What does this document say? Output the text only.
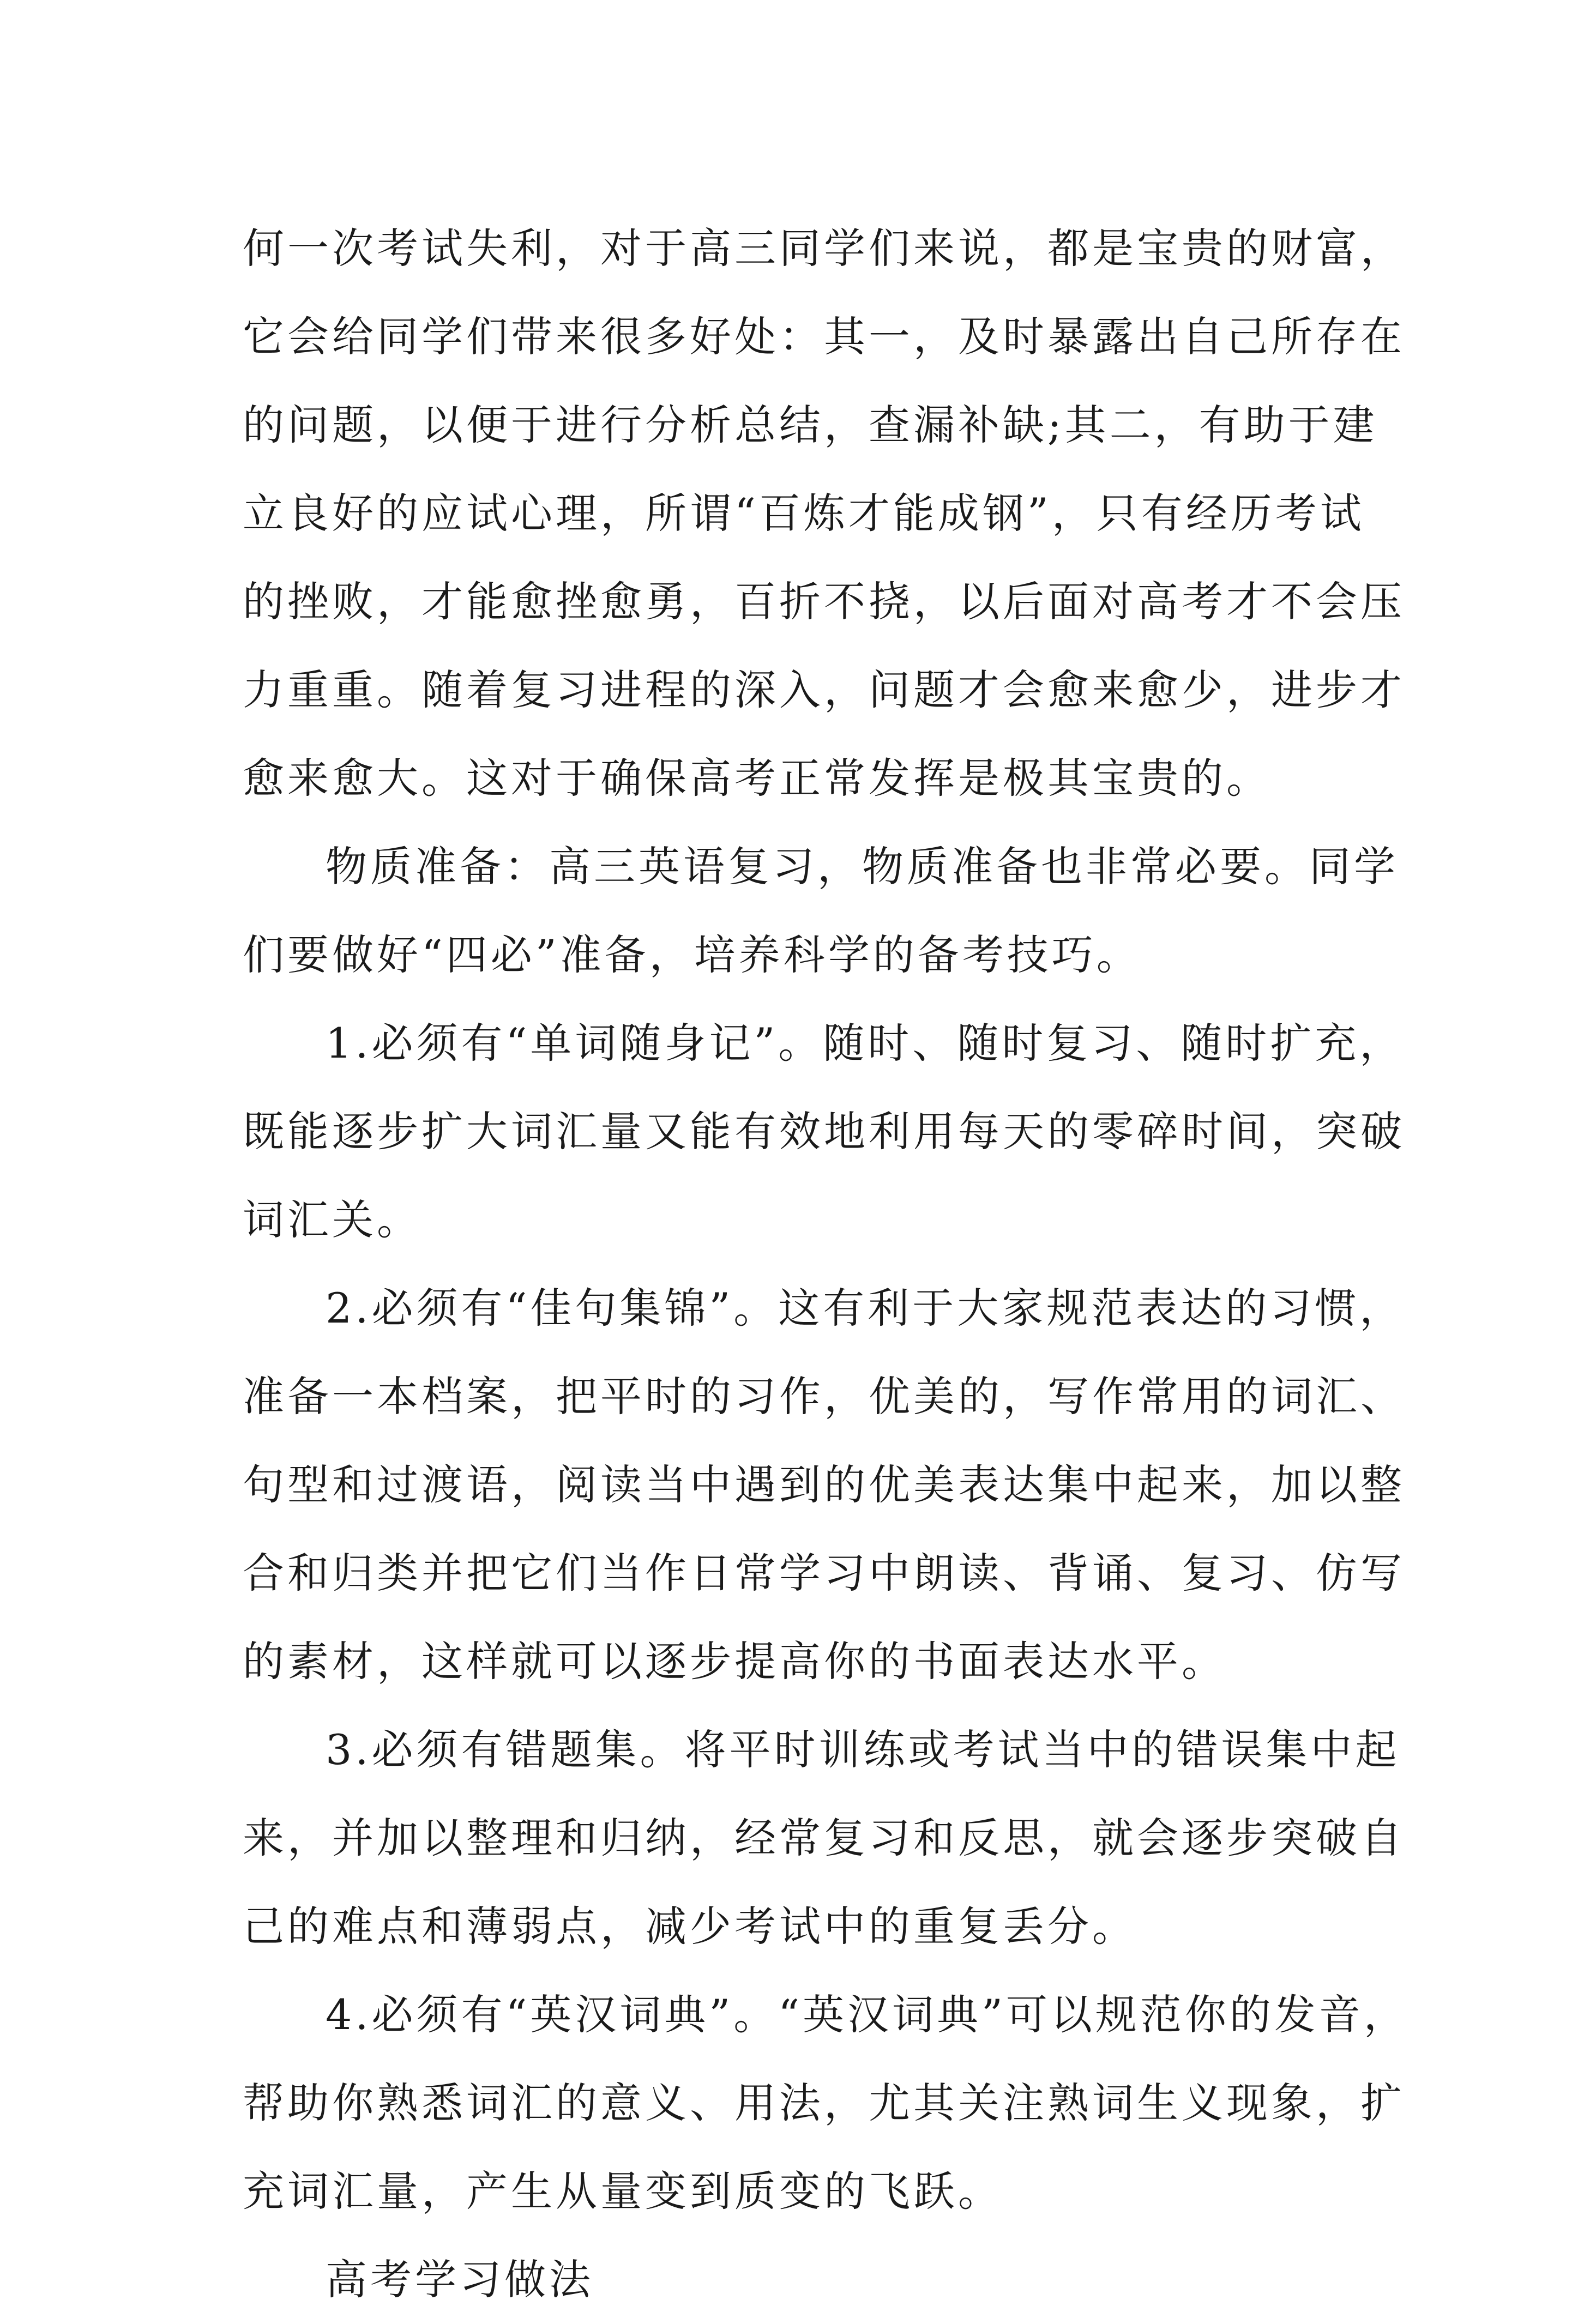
何一次考试失利，对于高三同学们来说，都是宝贵的财富，
它会给同学们带来很多好处：其一，及时暴露出自己所存在
的问题，以便于进行分析总结，查漏补缺;其二，有助于建
立良好的应试心理，所谓“百炼才能成钢”，只有经历考试
的挫败，才能愈挫愈勇，百折不挠，以后面对高考才不会压
力重重。随着复习进程的深入，问题才会愈来愈少，进步才
愈来愈大。这对于确保高考正常发挥是极其宝贵的。
物质准备：高三英语复习，物质准备也非常必要。同学
们要做好“四必”准备，培养科学的备考技巧。
1.必须有“单词随身记”。随时、随时复习、随时扩充，
既能逐步扩大词汇量又能有效地利用每天的零碎时间，突破
词汇关。
2.必须有“佳句集锦”。这有利于大家规范表达的习惯，
准备一本档案，把平时的习作，优美的，写作常用的词汇、
句型和过渡语，阅读当中遇到的优美表达集中起来，加以整
合和归类并把它们当作日常学习中朗读、背诵、复习、仿写
的素材，这样就可以逐步提高你的书面表达水平。
3.必须有错题集。将平时训练或考试当中的错误集中起
来，并加以整理和归纳，经常复习和反思，就会逐步突破自
己的难点和薄弱点，减少考试中的重复丢分。
4.必须有“英汉词典”。“英汉词典”可以规范你的发音，
帮助你熟悉词汇的意义、用法，尤其关注熟词生义现象，扩
充词汇量，产生从量变到质变的飞跃。
高考学习做法
